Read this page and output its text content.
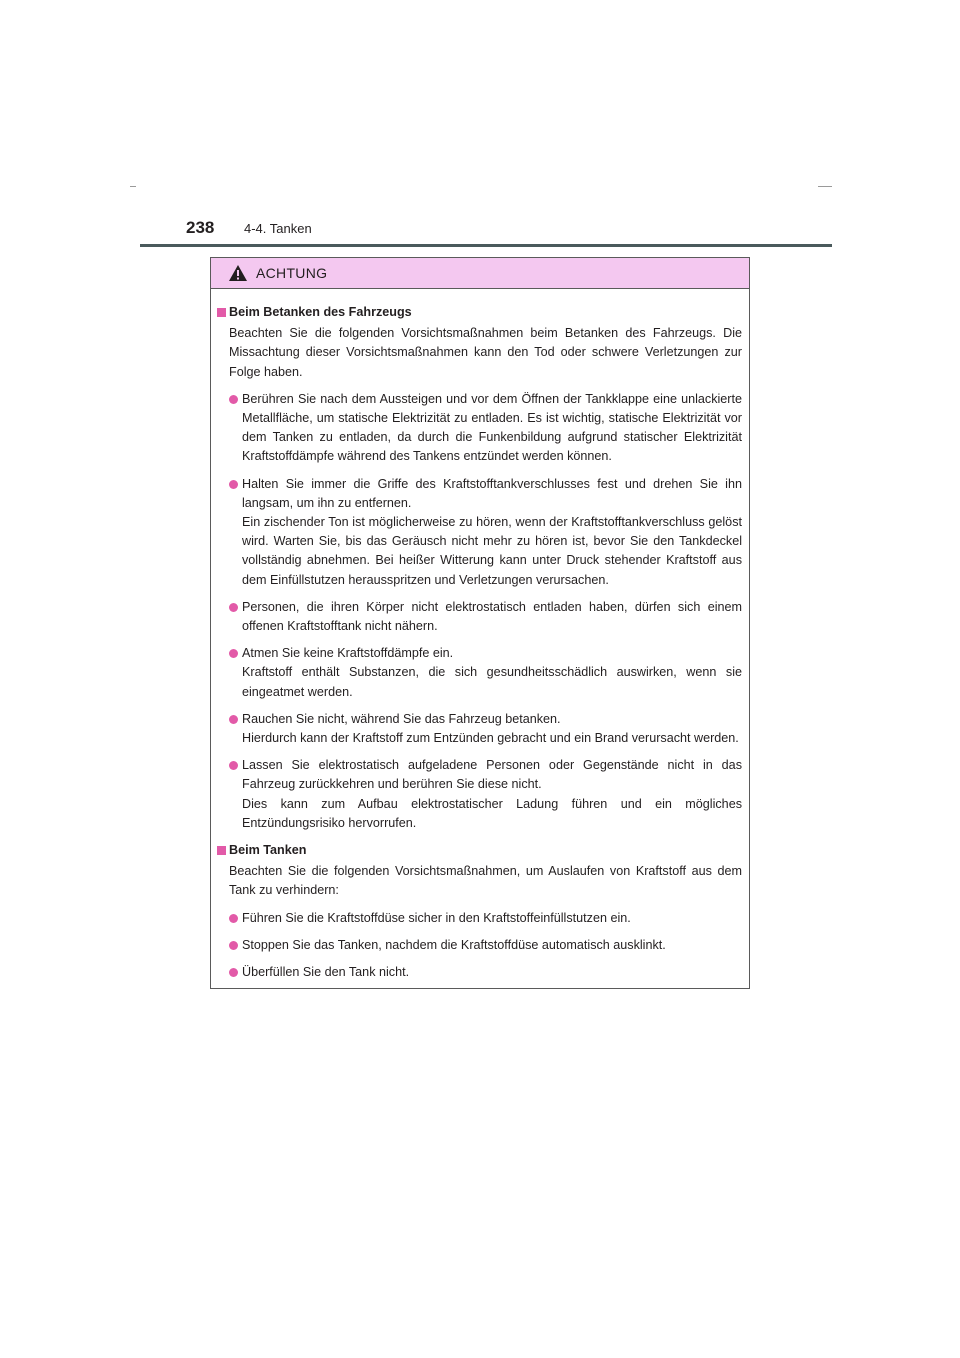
238 4-4. Tanken
ACHTUNG
Beim Betanken des Fahrzeugs
Beachten Sie die folgenden Vorsichtsmaßnahmen beim Betanken des Fahrzeugs. Die Missachtung dieser Vorsichtsmaßnahmen kann den Tod oder schwere Verletzungen zur Folge haben.

Berühren Sie nach dem Aussteigen und vor dem Öffnen der Tankklappe eine unlackierte Metallfläche, um statische Elektrizität zu entladen. Es ist wichtig, statische Elektrizität vor dem Tanken zu entladen, da durch die Funkenbildung aufgrund statischer Elektrizität Kraftstoffdämpfe während des Tankens entzündet werden können.

Halten Sie immer die Griffe des Kraftstofftankverschlusses fest und drehen Sie ihn langsam, um ihn zu entfernen.

Ein zischender Ton ist möglicherweise zu hören, wenn der Kraftstofftankverschluss gelöst wird. Warten Sie, bis das Geräusch nicht mehr zu hören ist, bevor Sie den Tankdeckel vollständig abnehmen. Bei heißer Witterung kann unter Druck stehender Kraftstoff aus dem Einfüllstutzen herausspritzen und Verletzungen verursachen.

Personen, die ihren Körper nicht elektrostatisch entladen haben, dürfen sich einem offenen Kraftstofftank nicht nähern.

Atmen Sie keine Kraftstoffdämpfe ein.

Kraftstoff enthält Substanzen, die sich gesundheitsschädlich auswirken, wenn sie eingeatmet werden.

Rauchen Sie nicht, während Sie das Fahrzeug betanken.

Hierdurch kann der Kraftstoff zum Entzünden gebracht und ein Brand verursacht werden.

Lassen Sie elektrostatisch aufgeladene Personen oder Gegenstände nicht in das Fahrzeug zurückkehren und berühren Sie diese nicht.

Dies kann zum Aufbau elektrostatischer Ladung führen und ein mögliches Entzündungsrisiko hervorrufen.

Beim Tanken
Beachten Sie die folgenden Vorsichtsmaßnahmen, um Auslaufen von Kraftstoff aus dem Tank zu verhindern:

Führen Sie die Kraftstoffdüse sicher in den Kraftstoffeinfüllstutzen ein.

Stoppen Sie das Tanken, nachdem die Kraftstoffdüse automatisch ausklinkt.

Überfüllen Sie den Tank nicht.
